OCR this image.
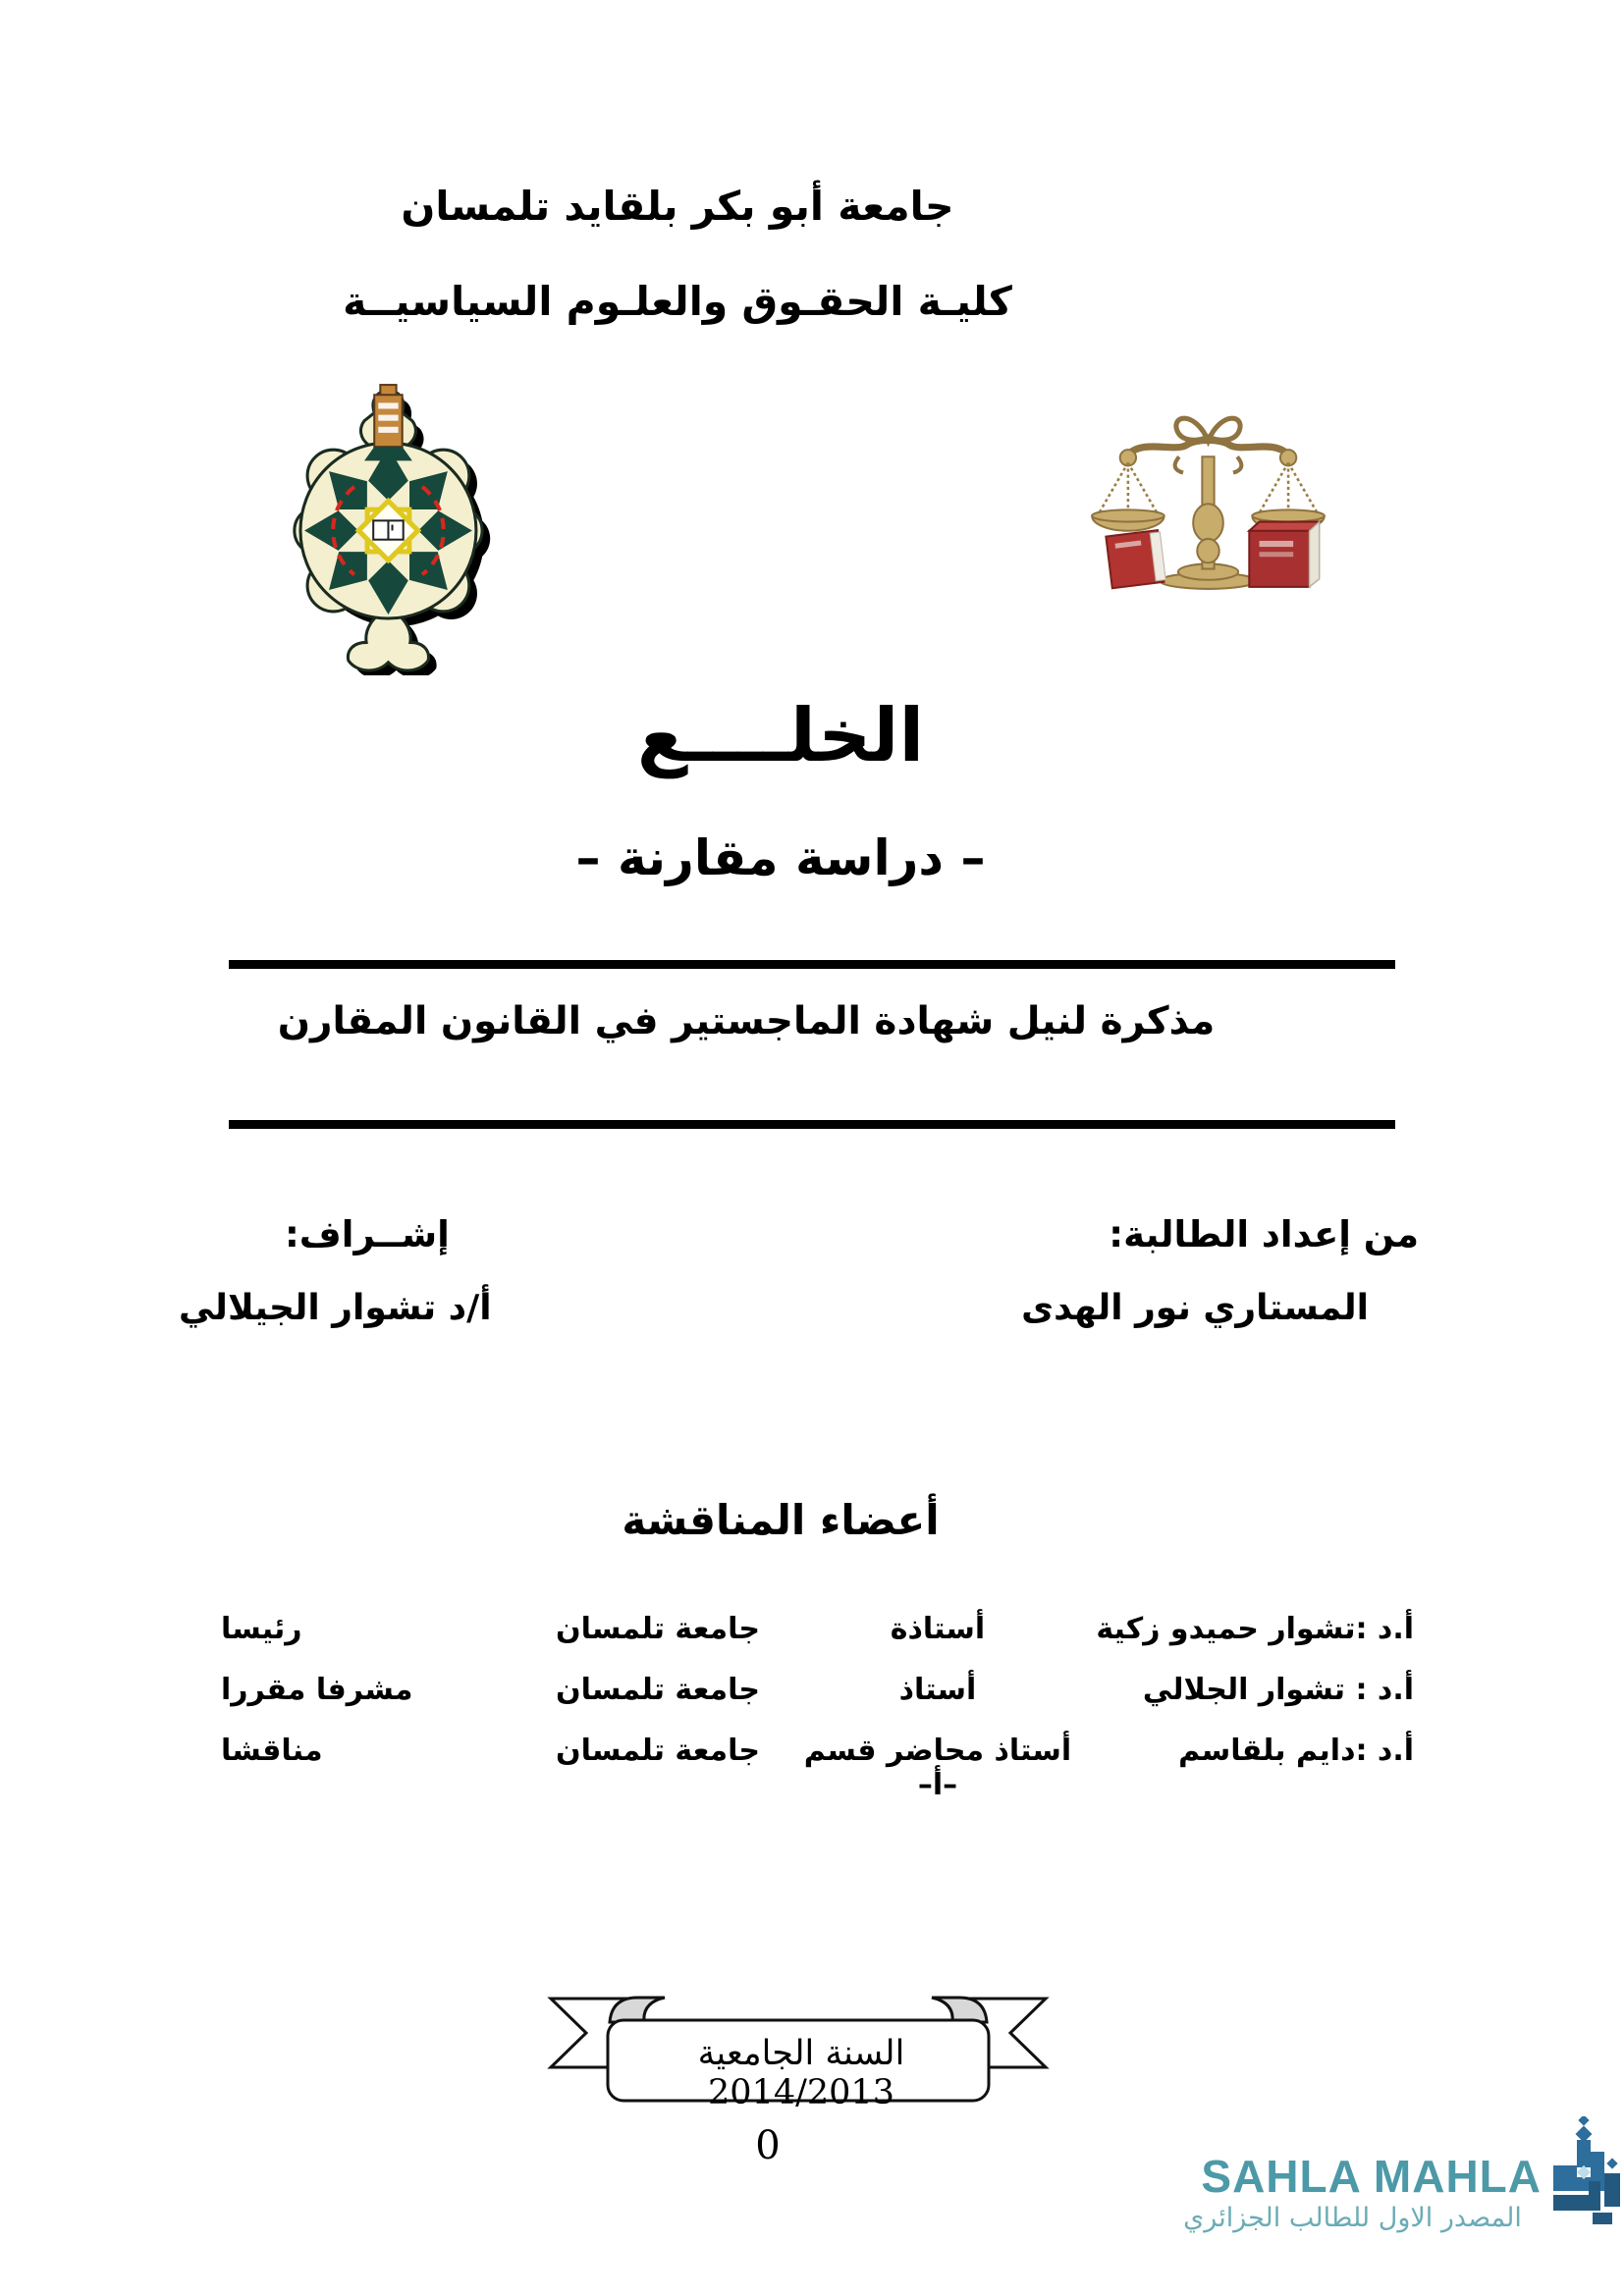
جامعة أبو بكر بلقايد تلمسان
كليـة الحقـوق والعلـوم السياسيــة
الخلــــع
– دراسة مقارنة –
مذكرة لنيل شهادة الماجستير في القانون المقارن
من إعداد الطالبة:
إشــراف:
المستاري نور الهدى
أ/د تشوار الجيلالي
أعضاء المناقشة
أ.د :تشوار حميدو زكية
أستاذة
جامعة تلمسان
رئيسا
أ.د : تشوار الجلالي
أستاذ
جامعة تلمسان
مشرفا مقررا
أ.د :دايم بلقاسم
أستاذ محاضر قسم –أ–
جامعة تلمسان
مناقشا
السنة الجامعية 2014/2013
0
SAHLA MAHLA
المصدر الاول للطالب الجزائري
